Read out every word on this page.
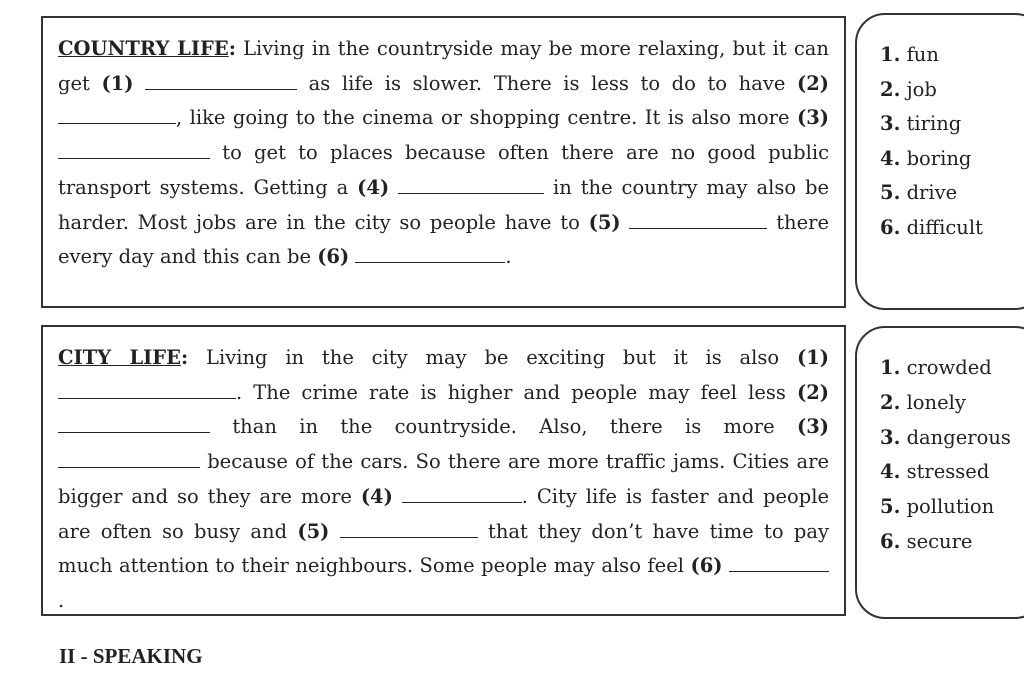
COUNTRY LIFE: Living in the countryside may be more relaxing, but it can get (1)	as life is slower. There is less to do to have (2) , like going to the cinema or shopping centre. It is also more (3)  to get to places because often there are no good public transport systems. Getting a (4)	in the country may also be harder. Most jobs are in the city so people have to (5)	there every day and this can be (6)	.
1. fun
2. job
3. tiring
4. boring
5. drive
6. difficult
CITY LIFE: Living in the city may be exciting but it is also (1) . The crime rate is higher and people may feel less (2)  than in the countryside. Also, there is more (3)  because of the cars. So there are more traffic jams. Cities are bigger and so they are more (4)	. City life is faster and people are often so busy and (5)	that they don’t have time to pay much attention to their neighbours. Some people may also feel (6) .
1. crowded
2. lonely
3. dangerous
4. stressed
5. pollution
6. secure
II - SPEAKING
